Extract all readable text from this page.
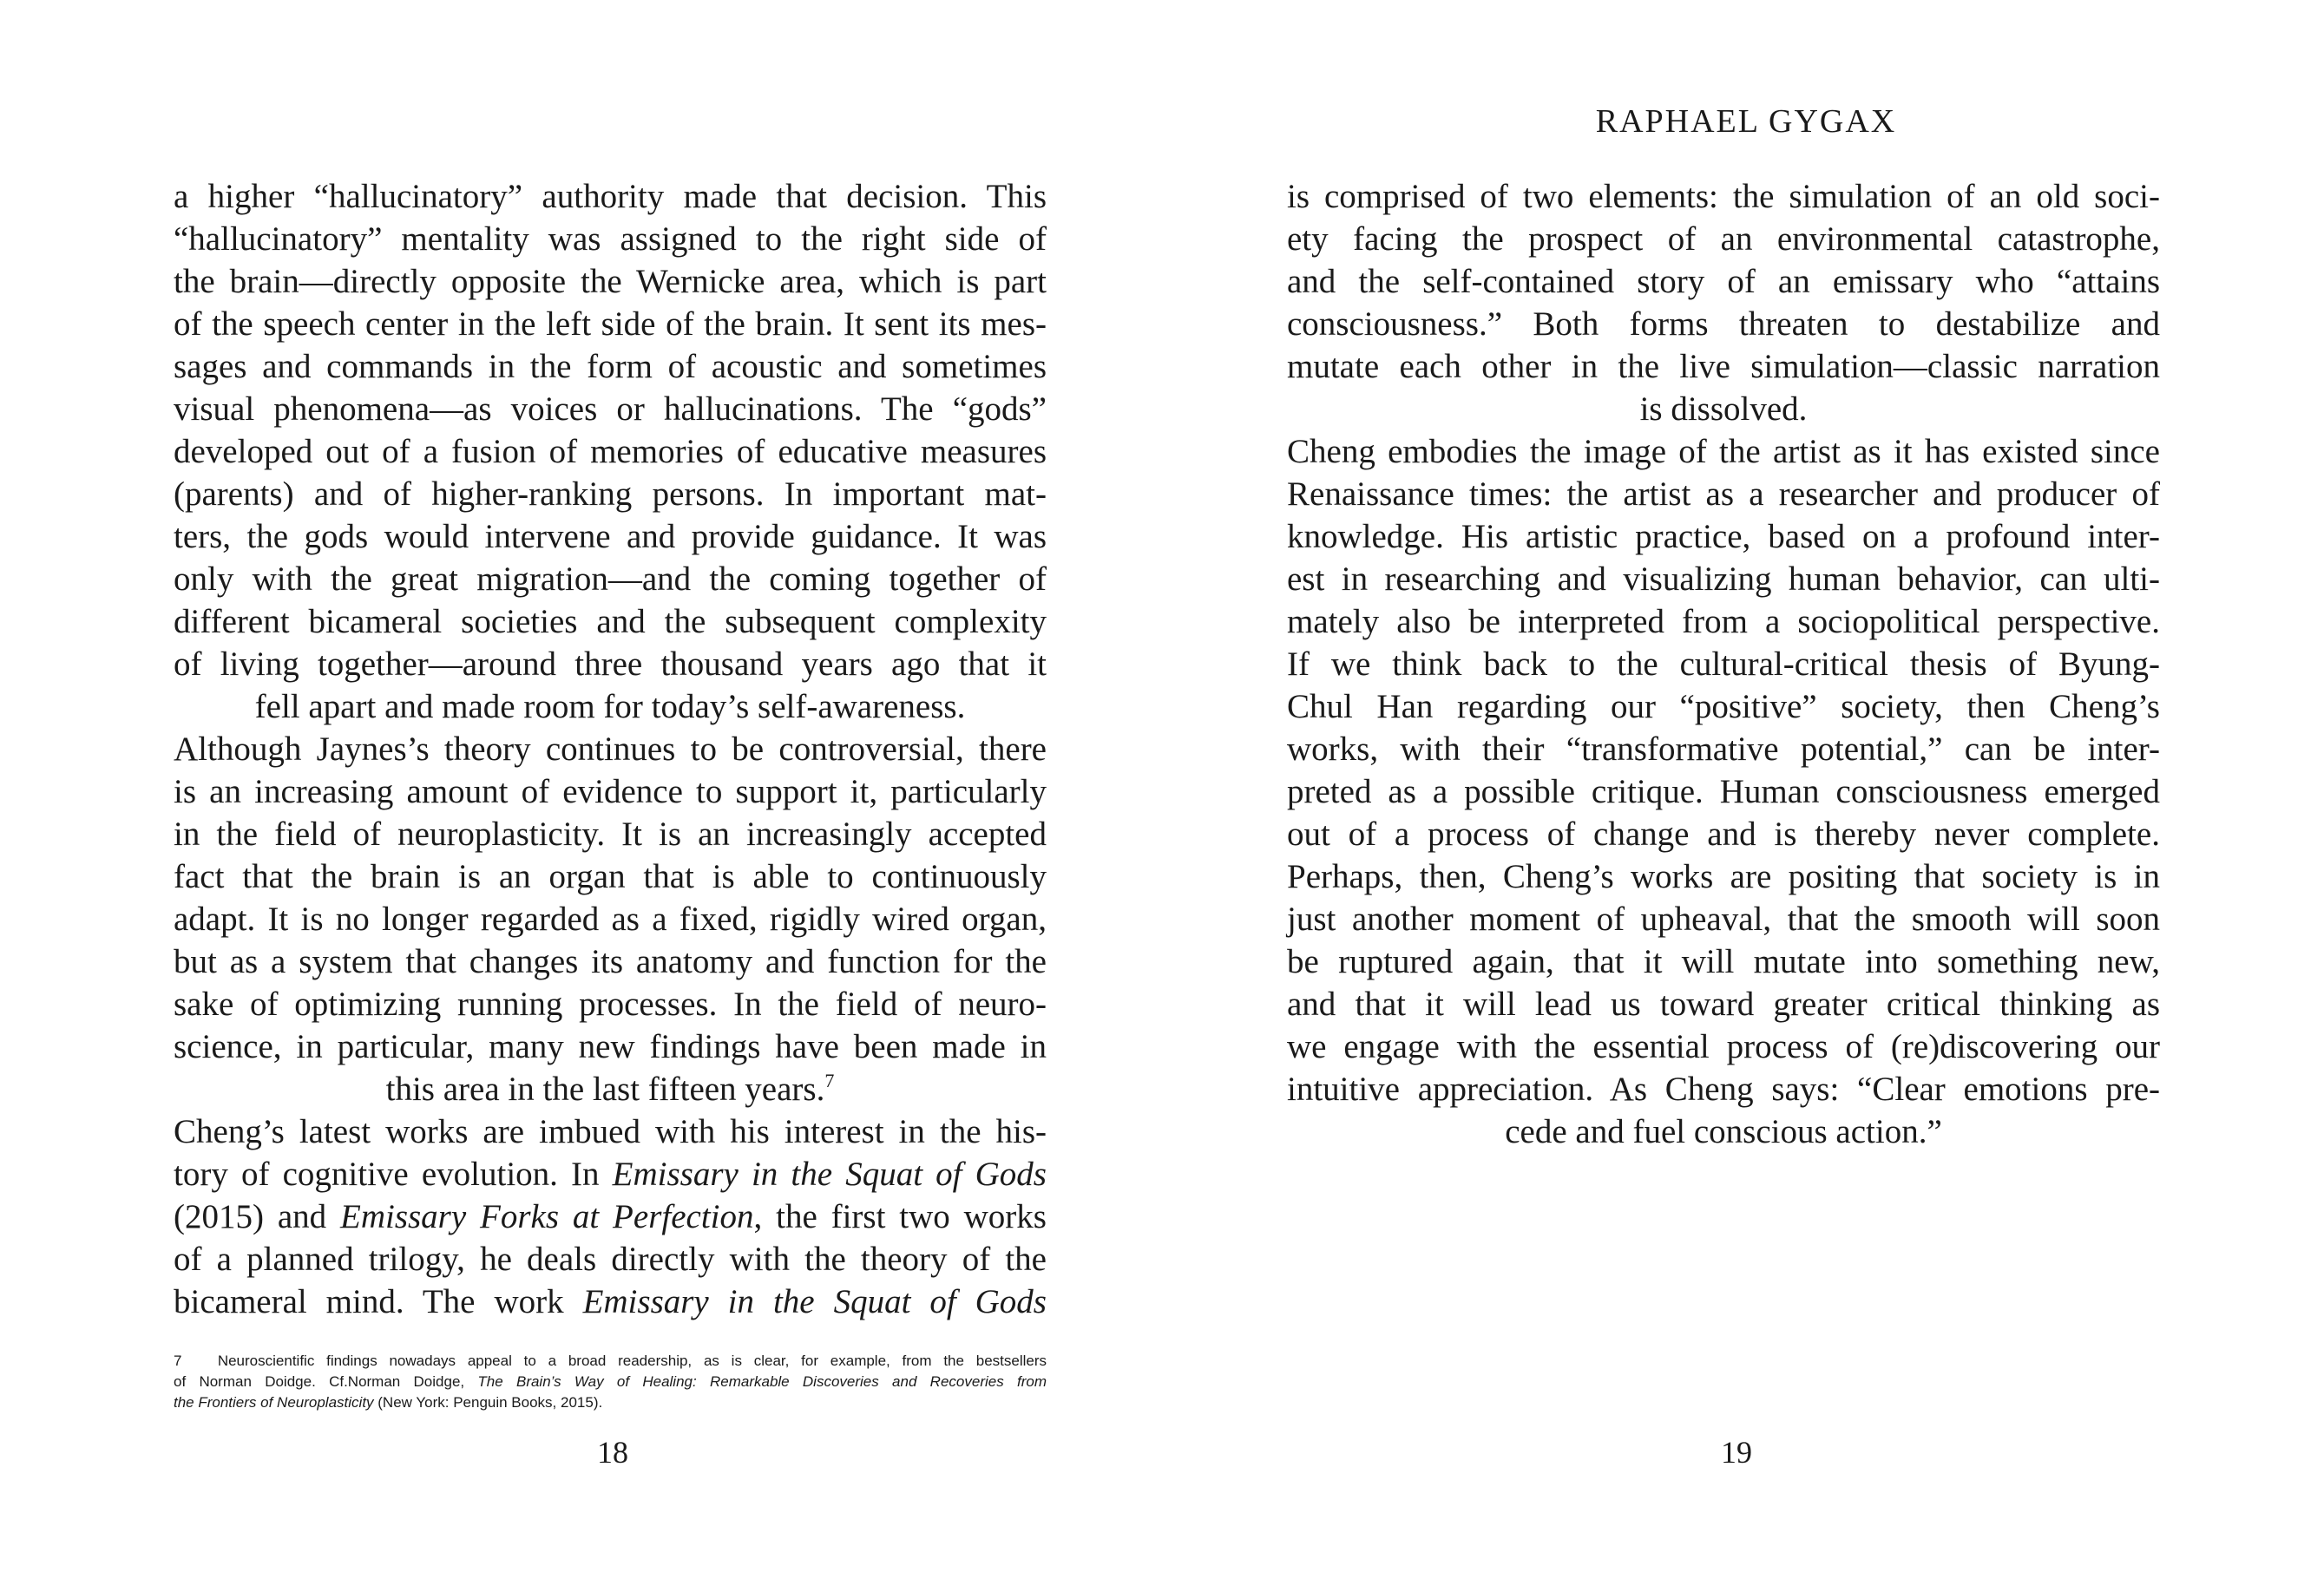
RAPHAEL GYGAX
a higher “hallucinatory” authority made that decision. This
“hallucinatory” mentality was assigned to the right side of
the brain—directly opposite the Wernicke area, which is part
of the speech center in the left side of the brain. It sent its mes-
sages and commands in the form of acoustic and sometimes
visual phenomena—as voices or hallucinations. The “gods”
developed out of a fusion of memories of educative measures
(parents) and of higher-ranking persons. In important mat-
ters, the gods would intervene and provide guidance. It was
only with the great migration—and the coming together of
different bicameral societies and the subsequent complexity
of living together—around three thousand years ago that it
fell apart and made room for today’s self-awareness.
Although Jaynes’s theory continues to be controversial, there
is an increasing amount of evidence to support it, particularly
in the field of neuroplasticity. It is an increasingly accepted
fact that the brain is an organ that is able to continuously
adapt. It is no longer regarded as a fixed, rigidly wired organ,
but as a system that changes its anatomy and function for the
sake of optimizing running processes. In the field of neuro-
science, in particular, many new findings have been made in
this area in the last fifteen years.$^7$
Cheng’s latest works are imbued with his interest in the his-
tory of cognitive evolution. In Emissary in the Squat of Gods
(2015) and Emissary Forks at Perfection, the first two works
of a planned trilogy, he deals directly with the theory of the
bicameral mind. The work Emissary in the Squat of Gods
7 Neuroscientific findings nowadays appeal to a broad readership, as is clear, for example, from the bestsellers
of Norman Doidge. Cf.Norman Doidge, The Brain’s Way of Healing: Remarkable Discoveries and Recoveries from
the Frontiers of Neuroplasticity (New York: Penguin Books, 2015).
18
is comprised of two elements: the simulation of an old soci-
ety facing the prospect of an environmental catastrophe,
and the self-contained story of an emissary who “attains
consciousness.” Both forms threaten to destabilize and
mutate each other in the live simulation—classic narration
is dissolved.
Cheng embodies the image of the artist as it has existed since
Renaissance times: the artist as a researcher and producer of
knowledge. His artistic practice, based on a profound inter-
est in researching and visualizing human behavior, can ulti-
mately also be interpreted from a sociopolitical perspective.
If we think back to the cultural-critical thesis of Byung-
Chul Han regarding our “positive” society, then Cheng’s
works, with their “transformative potential,” can be inter-
preted as a possible critique. Human consciousness emerged
out of a process of change and is thereby never complete.
Perhaps, then, Cheng’s works are positing that society is in
just another moment of upheaval, that the smooth will soon
be ruptured again, that it will mutate into something new,
and that it will lead us toward greater critical thinking as
we engage with the essential process of (re)discovering our
intuitive appreciation. As Cheng says: “Clear emotions pre-
cede and fuel conscious action.”
19
